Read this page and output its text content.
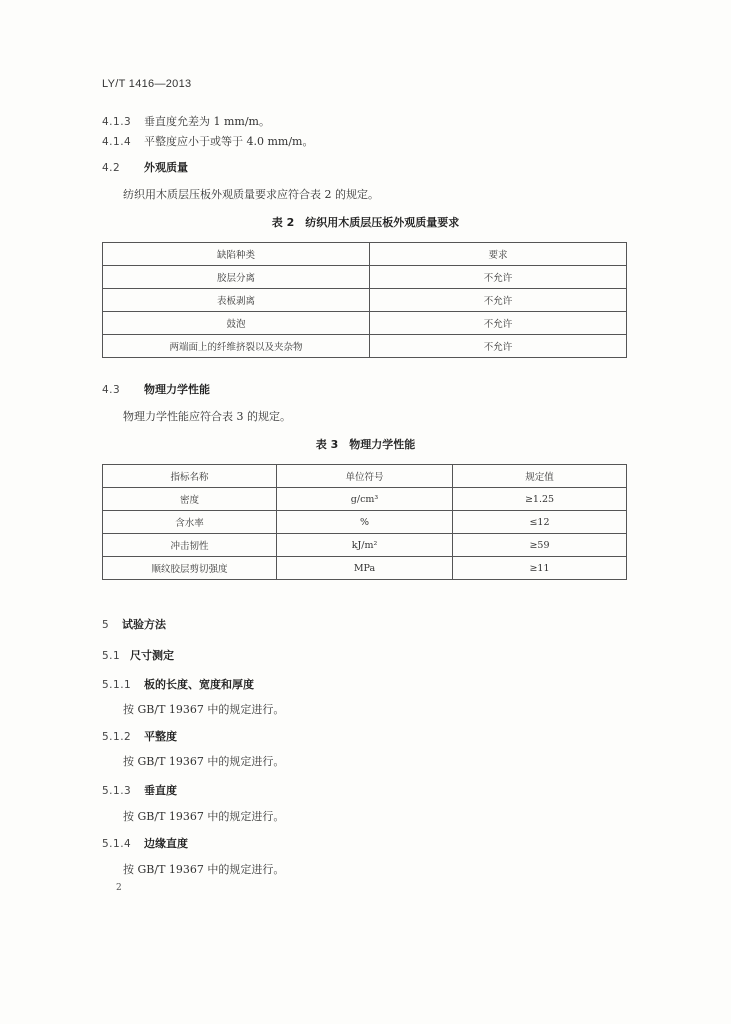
LY/T 1416—2013
4.1.3 垂直度允差为 1 mm/m。
4.1.4 平整度应小于或等于 4.0 mm/m。
4.2 外观质量
纺织用木质层压板外观质量要求应符合表 2 的规定。
表 2　纺织用木质层压板外观质量要求
缺陷种类	要求
胶层分离	不允许
表板剥离	不允许
鼓泡	不允许
两端面上的纤维挤裂以及夹杂物	不允许
4.3 物理力学性能
物理力学性能应符合表 3 的规定。
表 3　物理力学性能
指标名称	单位符号	规定值
密度	g/cm³	≥1.25
含水率	%	≤12
冲击韧性	kJ/m²	≥59
顺纹胶层剪切强度	MPa	≥11
5 试验方法
5.1 尺寸测定
5.1.1 板的长度、宽度和厚度
按 GB/T 19367 中的规定进行。
5.1.2 平整度
按 GB/T 19367 中的规定进行。
5.1.3 垂直度
按 GB/T 19367 中的规定进行。
5.1.4 边缘直度
按 GB/T 19367 中的规定进行。
2
